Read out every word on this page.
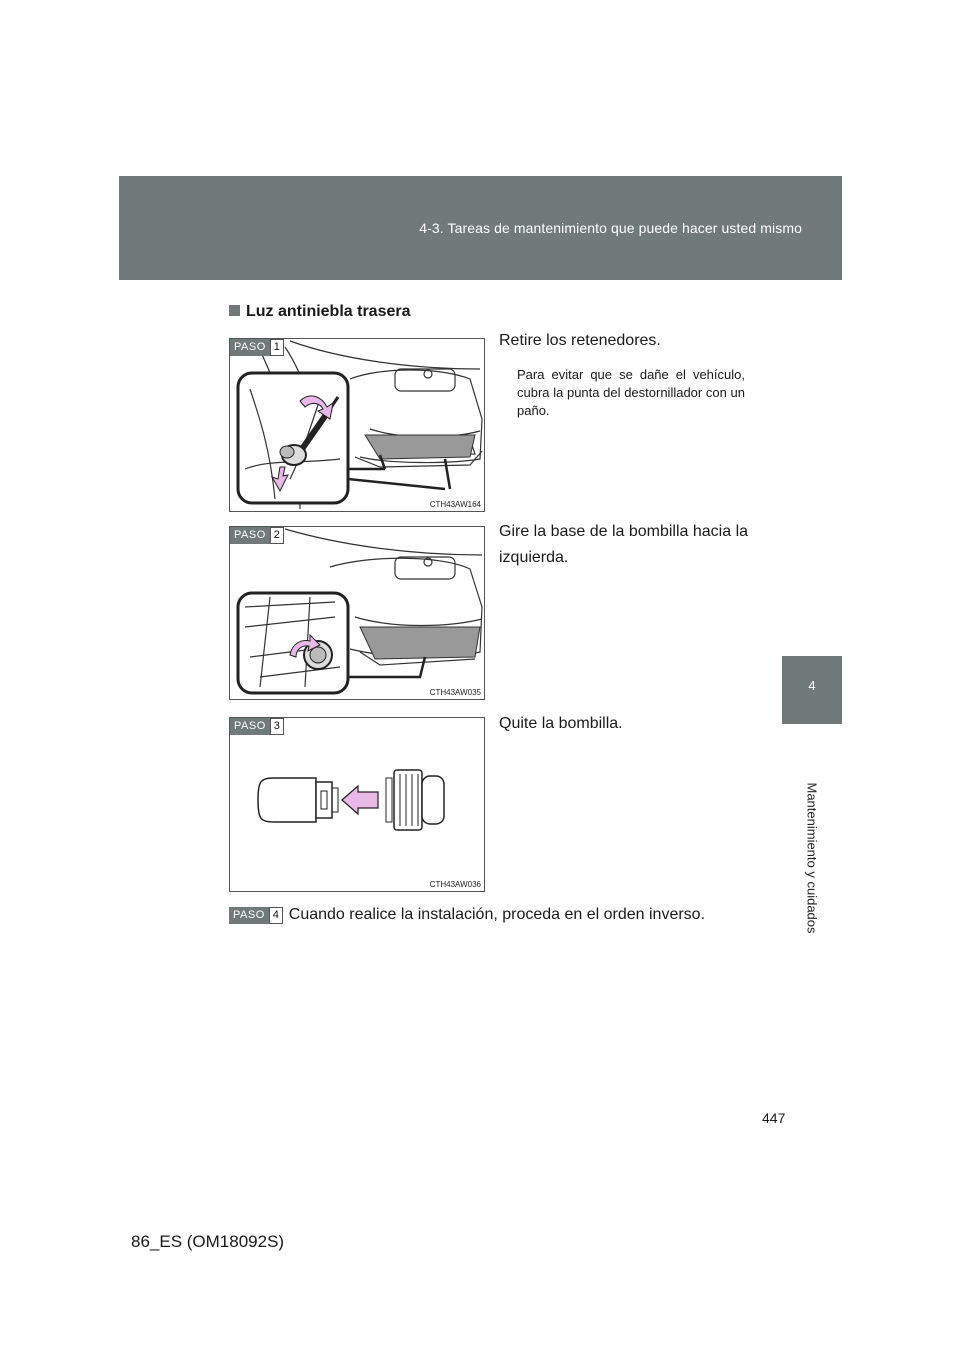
4-3. Tareas de mantenimiento que puede hacer usted mismo
4
Mantenimiento y cuidados
Luz antiniebla trasera
PASO 1
CTH43AW164
Retire los retenedores.
Para evitar que se dañe el vehículo, cubra la punta del destornillador con un paño.
PASO 2
CTH43AW035
Gire la base de la bombilla hacia la izquierda.
PASO 3
CTH43AW036
Quite la bombilla.
PASO 4 Cuando realice la instalación, proceda en el orden inverso.
447
86_ES (OM18092S)
